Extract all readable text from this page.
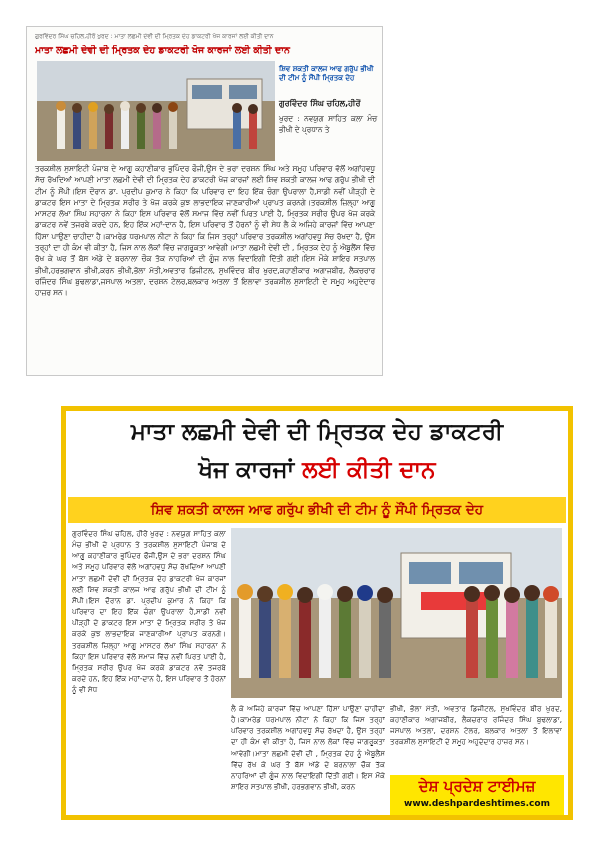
ਗੁਰਵਿੰਦਰ ਸਿੰਘ ਚਹਿਲ,ਹੀਰੋਂ ਖੁਰਦ : ਮਾਤਾ ਲਛਮੀ ਦੇਵੀ ਦੀ ਮ੍ਰਿਤਕ ਦੇਹ ਡਾਕਟਰੀ ਖੋਜ ਕਾਰਜਾਂ ਲਈ ਕੀਤੀ ਦਾਨ
ਮਾਤਾ ਲਛਮੀ ਦੇਵੀ ਦੀ ਮ੍ਰਿਤਕ ਦੇਹ ਡਾਕਟਰੀ ਖੋਜ ਕਾਰਜਾਂ ਲਈ ਕੀਤੀ ਦਾਨ
ਸ਼ਿਵ ਸ਼ਕਤੀ ਕਾਲਜ ਆਫ ਗਰੁੱਪ ਭੀਖੀ ਦੀ ਟੀਮ ਨੂੰ ਸੌਂਪੀ ਮ੍ਰਿਤਕ ਦੇਹ
ਗੁਰਵਿੰਦਰ ਸਿੰਘ ਚਹਿਲ,ਹੀਰੋਂ
ਖੁਰਦ : ਨਵਯੁਗ ਸਾਹਿਤ ਕਲਾ ਮੰਚ ਭੀਖੀ ਦੇ ਪ੍ਰਧਾਨ ਤੇ
ਤਰਕਸ਼ੀਲ ਸੁਸਾਇਟੀ ਪੰਜਾਬ ਦੇ ਆਗੂ ਕਹਾਣੀਕਾਰ ਭੁਪਿੰਦਰ ਫੌਜੀ,ਉਸ ਦੇ ਭਰਾ ਦਰਸ਼ਨ ਸਿੰਘ ਅਤੇ ਸਮੂਹ ਪਰਿਵਾਰ ਵੱਲੋਂ ਅਗਾਂਹਵਧੂ ਸੋਚ ਰੱਖਦਿਆਂ ਆਪਣੀ ਮਾਤਾ ਲਛਮੀ ਦੇਵੀ ਦੀ ਮ੍ਰਿਤਕ ਦੇਹ ਡਾਕਟਰੀ ਖੋਜ ਕਾਰਜਾਂ ਲਈ ਸ਼ਿਵ ਸ਼ਕਤੀ ਕਾਲਜ ਆਫ ਗਰੁੱਪ ਭੀਖੀ ਦੀ ਟੀਮ ਨੂੰ ਸੌਂਪੀ।ਇਸ ਦੌਰਾਨ ਡਾ. ਪ੍ਰਦੀਪ ਕੁਮਾਰ ਨੇ ਕਿਹਾ ਕਿ ਪਰਿਵਾਰ ਦਾ ਇਹ ਇੱਕ ਚੰਗਾ ਉਪਰਾਲਾ ਹੈ,ਸਾਡੀ ਨਵੀਂ ਪੀੜ੍ਹੀ ਦੇ ਡਾਕਟਰ ਇਸ ਮਾਤਾ ਦੇ ਮ੍ਰਿਤਕ ਸਰੀਰ ਤੇ ਖੋਜ ਕਰਕੇ ਕੁਝ ਲਾਭਦਾਇਕ ਜਾਣਕਾਰੀਆਂ ਪ੍ਰਾਪਤ ਕਰਨਗੇ।ਤਰਕਸ਼ੀਲ ਜ਼ਿਲ੍ਹਾ ਆਗੂ ਮਾਸਟਰ ਲੱਖਾ ਸਿੰਘ ਸਹਾਰਨਾ ਨੇ ਕਿਹਾ ਇਸ ਪਰਿਵਾਰ ਵੱਲੋਂ ਸਮਾਜ ਵਿੱਚ ਨਵੀਂ ਪਿਰਤ ਪਾਈ ਹੈ, ਮ੍ਰਿਤਕ ਸਰੀਰ ਉਪਰ ਖੋਜ ਕਰਕੇ ਡਾਕਟਰ ਨਵੇਂ ਤਜਰਬੇ ਕਰਦੇ ਹਨ, ਇਹ ਇੱਕ ਮਹਾਂ-ਦਾਨ ਹੈ, ਇਸ ਪਰਿਵਾਰ ਤੋਂ ਹੋਰਨਾਂ ਨੂੰ ਵੀ ਸੇਧ ਲੈ ਕੇ ਅਜਿਹੇ ਕਾਰਜਾਂ ਵਿੱਚ ਆਪਣਾ ਹਿੱਸਾ ਪਾਉਣਾ ਚਾਹੀਦਾ ਹੈ।ਕਾਮਰੇਡ ਧਰਮਪਾਲ ਨੀਟਾ ਨੇ ਕਿਹਾ ਕਿ ਜਿਸ ਤਰ੍ਹਾਂ ਪਰਿਵਾਰ ਤਰਕਸ਼ੀਲ ਅਗਾਂਹਵਧੂ ਸੋਚ ਰੱਖਦਾ ਹੈ, ਉਸ ਤਰ੍ਹਾਂ ਦਾ ਹੀ ਕੰਮ ਵੀ ਕੀਤਾ ਹੈ, ਜਿਸ ਨਾਲ ਲੋਕਾਂ ਵਿੱਚ ਜਾਗਰੂਕਤਾ ਆਵੇਗੀ।ਮਾਤਾ ਲਛਮੀ ਦੇਵੀ ਦੀ , ਮ੍ਰਿਤਕ ਦੇਹ ਨੂੰ ਐਬੂਲੈਂਸ ਵਿੱਚ ਰੱਖ ਕੇ ਘਰ ਤੋਂ ਬੱਸ ਅੱਡੇ ਦੇ ਬਰਨਾਲਾ ਚੌਕ ਤੱਕ ਨਾਹਰਿਆਂ ਦੀ ਗੂੰਜ ਨਾਲ ਵਿਦਾਇਗੀ ਦਿੱਤੀ ਗਈ।ਇਸ ਮੌਕੇ ਸ਼ਾਇਰ ਸਤਪਾਲ ਭੀਖੀ,ਹਰਭਗਵਾਨ ਭੀਖੀ,ਕਰਨ ਭੀਖੀ,ਭੋਲਾ ਮੱਤੀ,ਅਵਤਾਰ ਡਿਜੀਟਲ, ਸੁਖਵਿੰਦਰ ਬੀਰ ਖੁਰਦ,ਕਹਾਣੀਕਾਰ ਅਗਾਜਬੀਰ, ਲੈਕਚਰਾਰ ਰਜਿੰਦਰ ਸਿੰਘ ਬੁਢਲਾਡਾ,ਜਸਪਾਲ ਅਤਲਾ, ਦਰਸ਼ਨ ਟੇਲਰ,ਬਲਕਾਰ ਅਤਲਾ ਤੋਂ ਇਲਾਵਾ ਤਰਕਸ਼ੀਲ ਸੁਸਾਇਟੀ ਦੇ ਸਮੂਹ ਅਹੁਦੇਦਾਰ ਹਾਜ਼ਰ ਸਨ।
ਮਾਤਾ ਲਛਮੀ ਦੇਵੀ ਦੀ ਮ੍ਰਿਤਕ ਦੇਹ ਡਾਕਟਰੀ
ਖੋਜ ਕਾਰਜਾਂ ਲਈ ਕੀਤੀ ਦਾਨ
ਸ਼ਿਵ ਸ਼ਕਤੀ ਕਾਲਜ ਆਫ ਗਰੁੱਪ ਭੀਖੀ ਦੀ ਟੀਮ ਨੂੰ ਸੌਂਪੀ ਮ੍ਰਿਤਕ ਦੇਹ
ਗੁਰਵਿੰਦਰ ਸਿੰਘ ਚਹਿਲ, ਹੀਰੋਂ ਖੁਰਦ : ਨਵਯੁਗ ਸਾਹਿਤ ਕਲਾ ਮੰਚ ਭੀਖੀ ਦੇ ਪ੍ਰਧਾਨ ਤੇ ਤਰਕਸ਼ੀਲ ਸੁਸਾਇਟੀ ਪੰਜਾਬ ਦੇ ਆਗੂ ਕਹਾਣੀਕਾਰ ਭੁਪਿੰਦਰ ਫੌਜੀ,ਉਸ ਦੇ ਭਰਾ ਦਰਸ਼ਨ ਸਿੰਘ ਅਤੇ ਸਮੂਹ ਪਰਿਵਾਰ ਵੱਲੋਂ ਅਗਾਂਹਵਧੂ ਸੋਚ ਰੱਖਦਿਆਂ ਆਪਣੀ ਮਾਤਾ ਲਛਮੀ ਦੇਵੀ ਦੀ ਮ੍ਰਿਤਕ ਦੇਹ ਡਾਕਟਰੀ ਖੋਜ ਕਾਰਜਾਂ ਲਈ ਸ਼ਿਵ ਸ਼ਕਤੀ ਕਾਲਜ ਆਫ ਗਰੁੱਪ ਭੀਖੀ ਦੀ ਟੀਮ ਨੂੰ ਸੌਂਪੀ।ਇਸ ਦੌਰਾਨ ਡਾ. ਪ੍ਰਦੀਪ ਕੁਮਾਰ ਨੇ ਕਿਹਾ ਕਿ ਪਰਿਵਾਰ ਦਾ ਇਹ ਇੱਕ ਚੰਗਾ ਉਪਰਾਲਾ ਹੈ,ਸਾਡੀ ਨਵੀਂ ਪੀੜ੍ਹੀ ਦੇ ਡਾਕਟਰ ਇਸ ਮਾਤਾ ਦੇ ਮ੍ਰਿਤਕ ਸਰੀਰ ਤੇ ਖੋਜ ਕਰਕੇ ਕੁਝ ਲਾਭਦਾਇਕ ਜਾਣਕਾਰੀਆਂ ਪ੍ਰਾਪਤ ਕਰਨਗੇ।ਤਰਕਸ਼ੀਲ ਜ਼ਿਲ੍ਹਾ ਆਗੂ ਮਾਸਟਰ ਲੱਖਾ ਸਿੰਘ ਸਹਾਰਨਾ ਨੇ ਕਿਹਾ ਇਸ ਪਰਿਵਾਰ ਵੱਲੋਂ ਸਮਾਜ ਵਿੱਚ ਨਵੀਂ ਪਿਰਤ ਪਾਈ ਹੈ, ਮ੍ਰਿਤਕ ਸਰੀਰ ਉਪਰ ਖੋਜ ਕਰਕੇ ਡਾਕਟਰ ਨਵੇਂ ਤਜਰਬੇ ਕਰਦੇ ਹਨ, ਇਹ ਇੱਕ ਮਹਾਂ-ਦਾਨ ਹੈ, ਇਸ ਪਰਿਵਾਰ ਤੋਂ ਹੋਰਨਾਂ ਨੂੰ ਵੀ ਸੇਧ
ਲੈ ਕੇ ਅਜਿਹੇ ਕਾਰਜਾਂ ਵਿੱਚ ਆਪਣਾ ਹਿੱਸਾ ਪਾਉਣਾ ਚਾਹੀਦਾ ਹੈ।ਕਾਮਰੇਡ ਧਰਮਪਾਲ ਨੀਟਾ ਨੇ ਕਿਹਾ ਕਿ ਜਿਸ ਤਰ੍ਹਾਂ ਪਰਿਵਾਰ ਤਰਕਸ਼ੀਲ ਅਗਾਂਹਵਧੂ ਸੋਚ ਰੱਖਦਾ ਹੈ, ਉਸ ਤਰ੍ਹਾਂ ਦਾ ਹੀ ਕੰਮ ਵੀ ਕੀਤਾ ਹੈ, ਜਿਸ ਨਾਲ ਲੋਕਾਂ ਵਿੱਚ ਜਾਗਰੂਕਤਾ ਆਵੇਗੀ।ਮਾਤਾ ਲਛਮੀ ਦੇਵੀ ਦੀ , ਮ੍ਰਿਤਕ ਦੇਹ ਨੂੰ ਐਬੂਲੈਂਸ ਵਿੱਚ ਰੱਖ ਕੇ ਘਰ ਤੋਂ ਬੱਸ ਅੱਡੇ ਦੇ ਬਰਨਾਲਾ ਚੌਕ ਤੱਕ ਨਾਹਰਿਆਂ ਦੀ ਗੂੰਜ ਨਾਲ ਵਿਦਾਇਗੀ ਦਿੱਤੀ ਗਈ। ਇਸ ਮੌਕੇ ਸ਼ਾਇਰ ਸਤਪਾਲ ਭੀਖੀ, ਹਰਭਗਵਾਨ ਭੀਖੀ, ਕਰਨ
ਭੀਖੀ, ਭੋਲਾ ਮੱਤੀ, ਅਵਤਾਰ ਡਿਜੀਟਲ, ਸੁਖਵਿੰਦਰ ਬੀਰ ਖੁਰਦ, ਕਹਾਣੀਕਾਰ ਅਗਾਜਬੀਰ, ਲੈਕਚਰਾਰ ਰਜਿੰਦਰ ਸਿੰਘ ਬੁਢਲਾਡਾ, ਜਸਪਾਲ ਅਤਲਾ, ਦਰਸ਼ਨ ਟੇਲਰ, ਬਲਕਾਰ ਅਤਲਾ ਤੋਂ ਇਲਾਵਾ ਤਰਕਸ਼ੀਲ ਸੁਸਾਇਟੀ ਦੇ ਸਮੂਹ ਅਹੁਦੇਦਾਰ ਹਾਜ਼ਰ ਸਨ।
ਦੇਸ਼ ਪ੍ਰਦੇਸ਼ ਟਾਈਮਜ਼
www.deshpardeshtimes.com
